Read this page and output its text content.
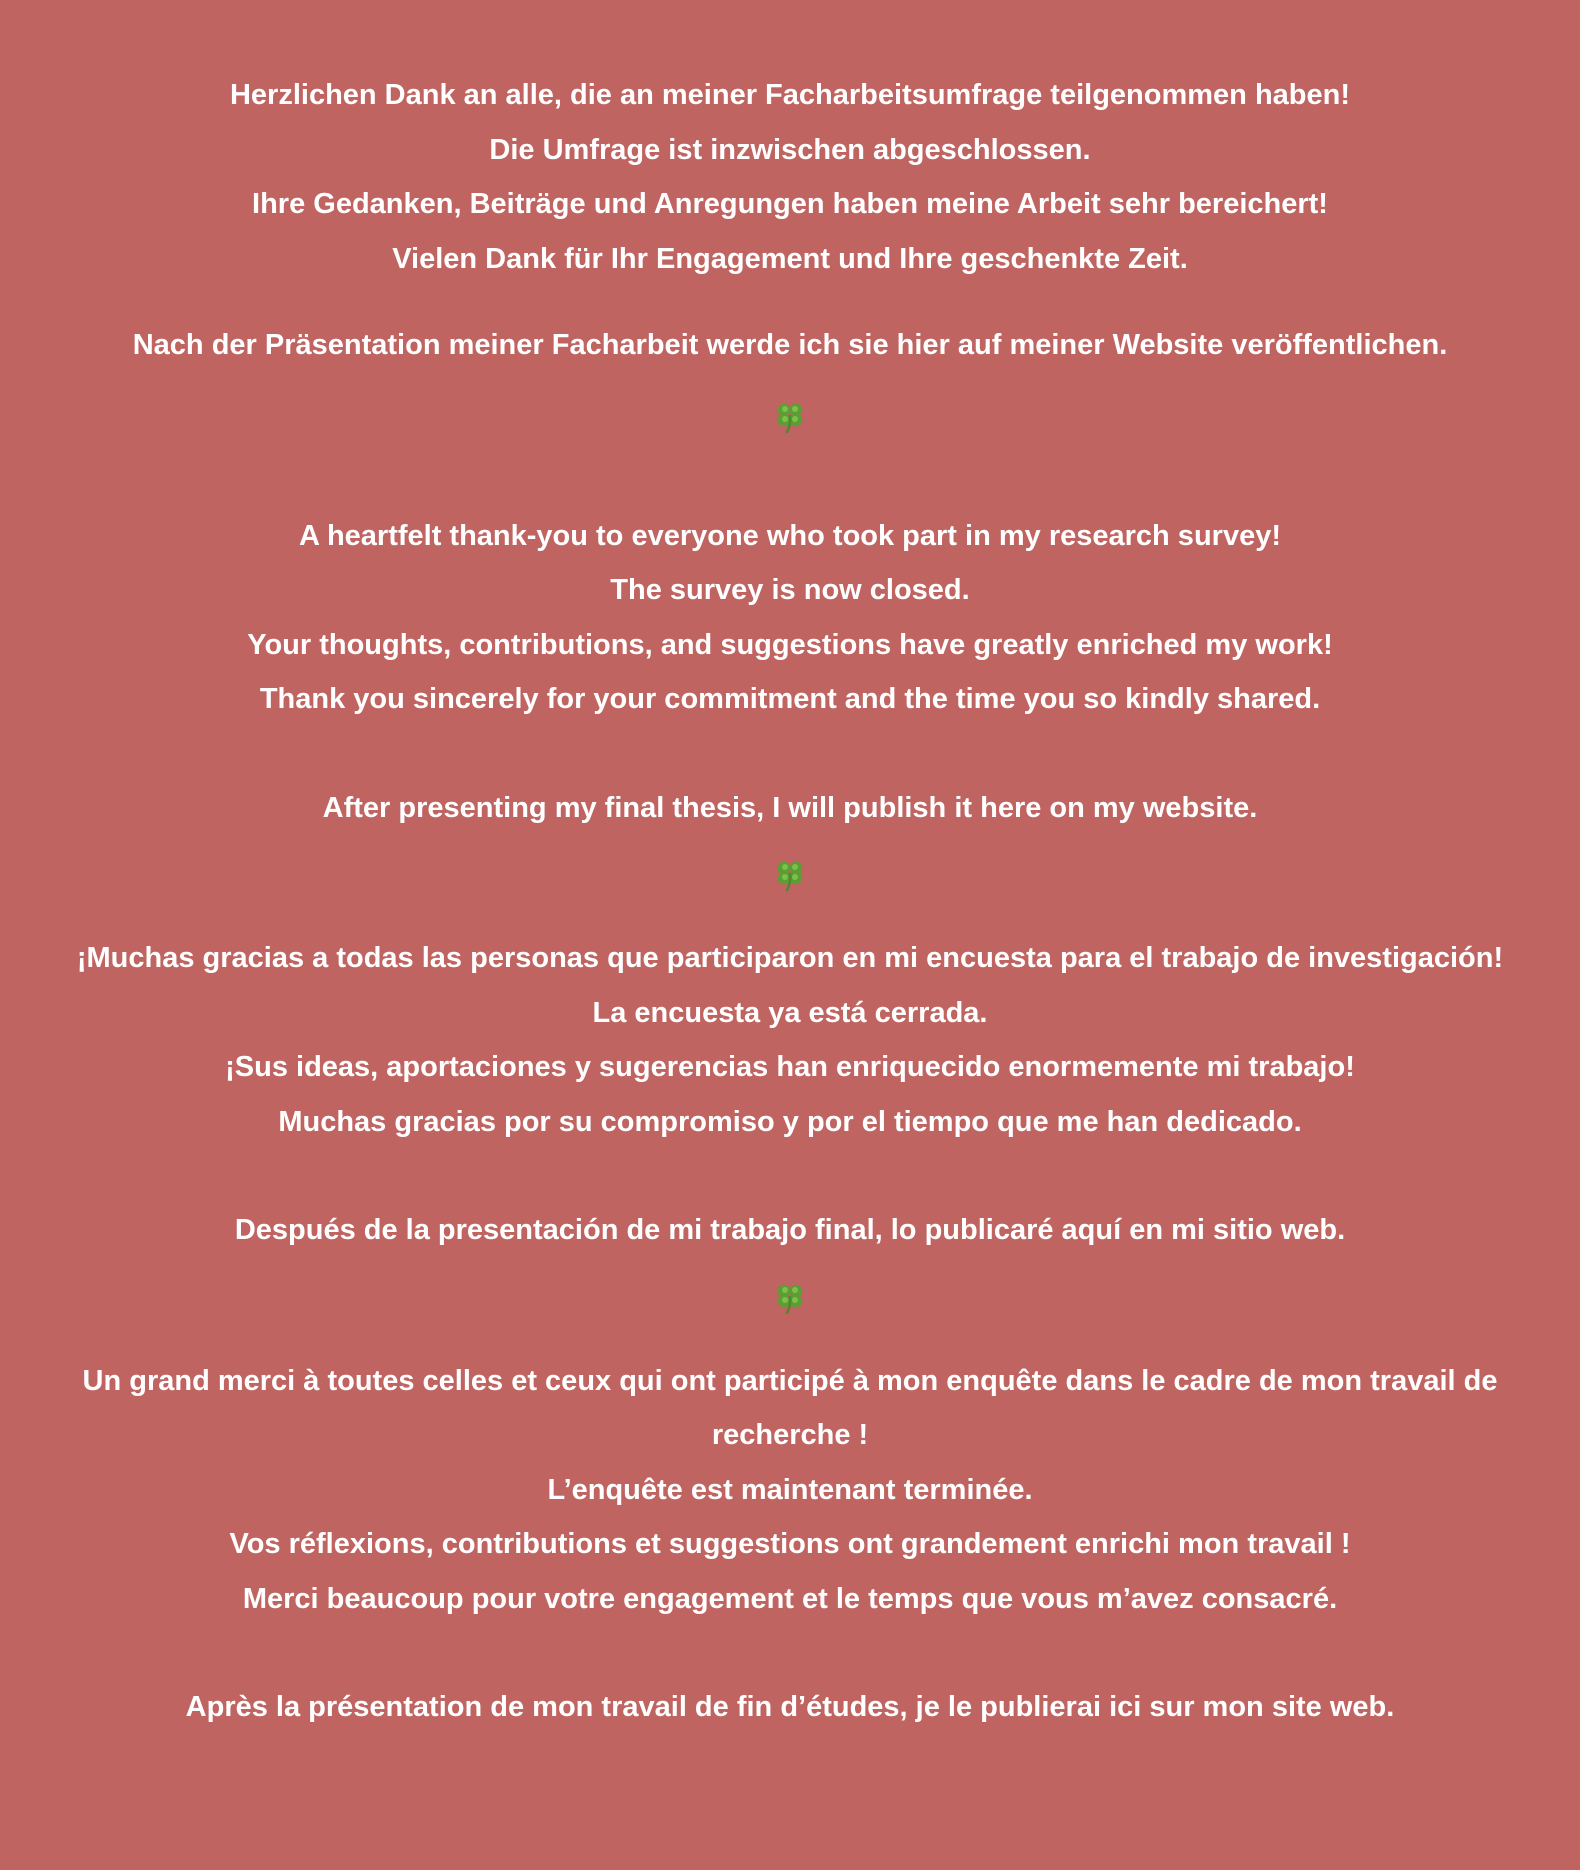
Herzlichen Dank an alle, die an meiner Facharbeitsumfrage teilgenommen haben!

Die Umfrage ist inzwischen abgeschlossen.

Ihre Gedanken, Beiträge und Anregungen haben meine Arbeit sehr bereichert!

Vielen Dank für Ihr Engagement und Ihre geschenkte Zeit.

Nach der Präsentation meiner Facharbeit werde ich sie hier auf meiner Website veröffentlichen.

A heartfelt thank-you to everyone who took part in my research survey!

The survey is now closed.

Your thoughts, contributions, and suggestions have greatly enriched my work!

Thank you sincerely for your commitment and the time you so kindly shared.

After presenting my final thesis, I will publish it here on my website.

¡Muchas gracias a todas las personas que participaron en mi encuesta para el trabajo de investigación!

La encuesta ya está cerrada.

¡Sus ideas, aportaciones y sugerencias han enriquecido enormemente mi trabajo!

Muchas gracias por su compromiso y por el tiempo que me han dedicado.

Después de la presentación de mi trabajo final, lo publicaré aquí en mi sitio web.

Un grand merci à toutes celles et ceux qui ont participé à mon enquête dans le cadre de mon travail de recherche !

L’enquête est maintenant terminée.

Vos réflexions, contributions et suggestions ont grandement enrichi mon travail !

Merci beaucoup pour votre engagement et le temps que vous m’avez consacré.

Après la présentation de mon travail de fin d’études, je le publierai ici sur mon site web.
